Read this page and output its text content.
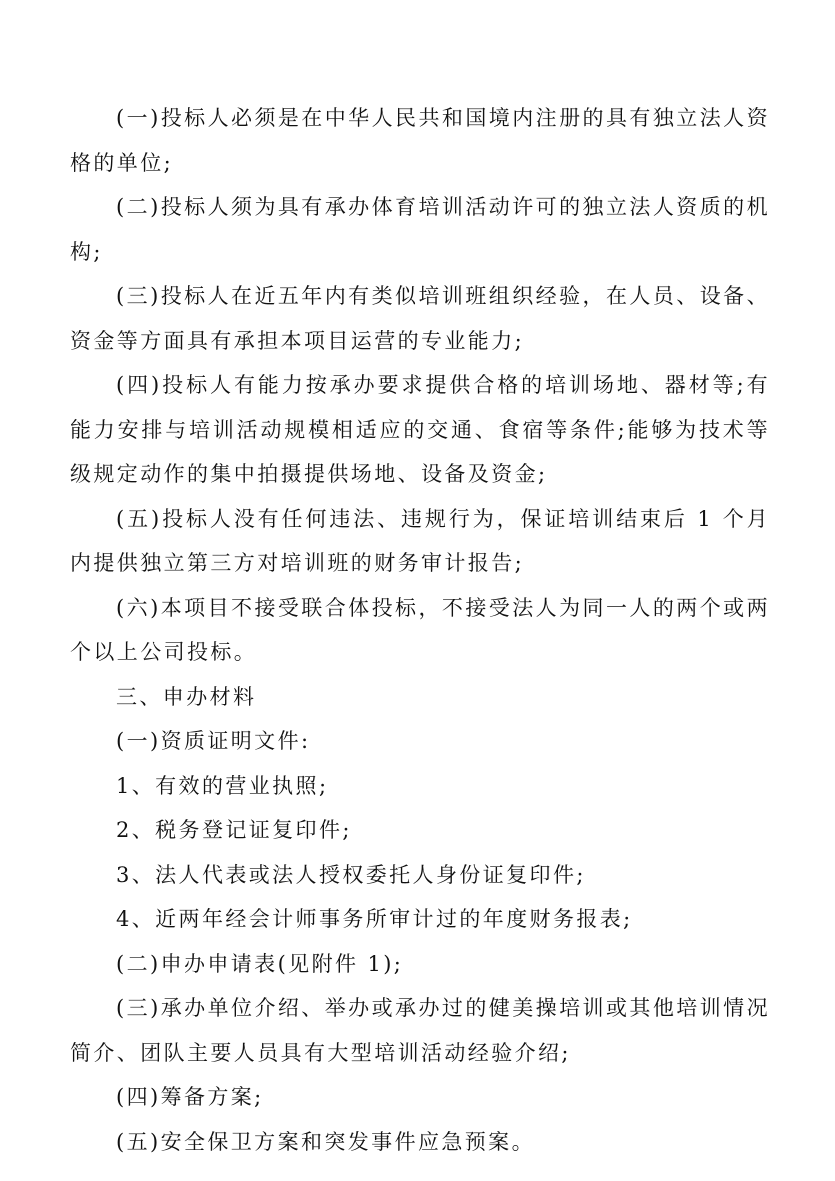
(一)投标人必须是在中华人民共和国境内注册的具有独立法人资格的单位;

(二)投标人须为具有承办体育培训活动许可的独立法人资质的机构;

(三)投标人在近五年内有类似培训班组织经验，在人员、设备、资金等方面具有承担本项目运营的专业能力;

(四)投标人有能力按承办要求提供合格的培训场地、器材等;有能力安排与培训活动规模相适应的交通、食宿等条件;能够为技术等级规定动作的集中拍摄提供场地、设备及资金;

(五)投标人没有任何违法、违规行为，保证培训结束后 1 个月内提供独立第三方对培训班的财务审计报告;

(六)本项目不接受联合体投标，不接受法人为同一人的两个或两个以上公司投标。

三、申办材料

(一)资质证明文件:

1、有效的营业执照;

2、税务登记证复印件;

3、法人代表或法人授权委托人身份证复印件;

4、近两年经会计师事务所审计过的年度财务报表;

(二)申办申请表(见附件 1);

(三)承办单位介绍、举办或承办过的健美操培训或其他培训情况简介、团队主要人员具有大型培训活动经验介绍;

(四)筹备方案;

(五)安全保卫方案和突发事件应急预案。
